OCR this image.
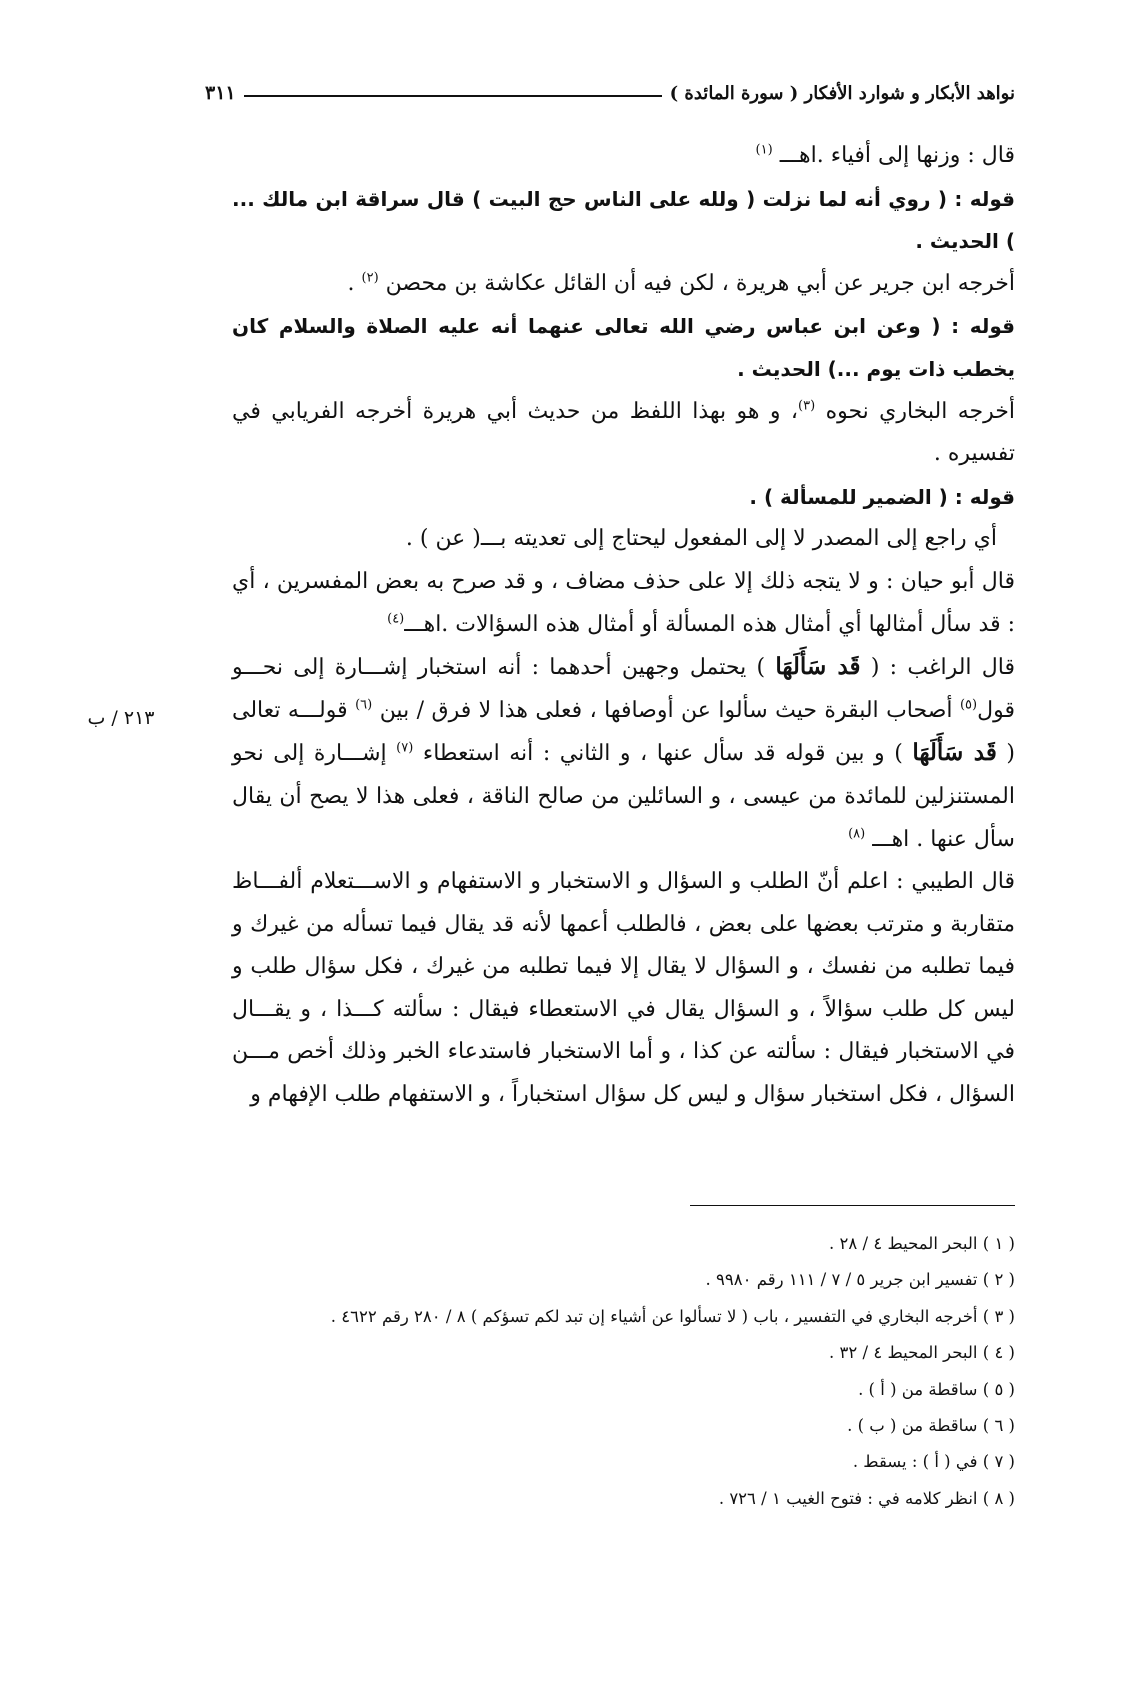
نواهد الأبكار و شوارد الأفكار ( سورة المائدة )
٣١١
٢١٣ / ب

قال : وزنها إلى أفياء .اهـــ $^{(١)}$

قوله : ( روي أنه لما نزلت ( ولله على الناس حج البيت ) قال سراقة ابن مالك ... ) الحديث .

أخرجه ابن جرير عن أبي هريرة ، لكن فيه أن القائل عكاشة بن محصن $^{(٢)}$ .

قوله : ( وعن ابن عباس رضي الله تعالى عنهما أنه عليه الصلاة والسلام كان يخطب ذات يوم ...) الحديث .

أخرجه البخاري نحوه $^{(٣)}$، و هو بهذا اللفظ من حديث أبي هريرة أخرجه الفريابي في تفسيره .

قوله : ( الضمير للمسألة ) .

أي راجع إلى المصدر لا إلى المفعول ليحتاج إلى تعديته بـــ( عن ) .

قال أبو حيان : و لا يتجه ذلك إلا على حذف مضاف ، و قد صرح به بعض المفسرين ، أي : قد سأل أمثالها أي أمثال هذه المسألة أو أمثال هذه السؤالات .اهـــ$^{(٤)}$

قال الراغب : ( قَد سَأَلَهَا ) يحتمل وجهين أحدهما : أنه استخبار إشـــارة إلى نحـــو قول$^{(٥)}$ أصحاب البقرة حيث سألوا عن أوصافها ، فعلى هذا لا فرق / بين $^{(٦)}$ قولـــه تعالى ( قَد سَأَلَهَا ) و بين قوله قد سأل عنها ، و الثاني : أنه استعطاء $^{(٧)}$ إشـــارة إلى نحو المستنزلين للمائدة من عيسى ، و السائلين من صالح الناقة ، فعلى هذا لا يصح أن يقال سأل عنها . اهـــ $^{(٨)}$

قال الطيبي : اعلم أنّ الطلب و السؤال و الاستخبار و الاستفهام و الاســـتعلام ألفـــاظ متقاربة و مترتب بعضها على بعض ، فالطلب أعمها لأنه قد يقال فيما تسأله من غيرك و فيما تطلبه من نفسك ، و السؤال لا يقال إلا فيما تطلبه من غيرك ، فكل سؤال طلب و ليس كل طلب سؤالاً ، و السؤال يقال في الاستعطاء فيقال : سألته كـــذا ، و يقـــال في الاستخبار فيقال : سألته عن كذا ، و أما الاستخبار فاستدعاء الخبر وذلك أخص مـــن السؤال ، فكل استخبار سؤال و ليس كل سؤال استخباراً ، و الاستفهام طلب الإفهام و

( ١ ) البحر المحيط ٤ / ٢٨ .

( ٢ ) تفسير ابن جرير ٥ / ٧ / ١١١ رقم ٩٩٨٠ .

( ٣ ) أخرجه البخاري في التفسير ، باب ( لا تسألوا عن أشياء إن تبد لكم تسؤكم ) ٨ / ٢٨٠ رقم ٤٦٢٢ .

( ٤ ) البحر المحيط ٤ / ٣٢ .

( ٥ ) ساقطة من ( أ ) .

( ٦ ) ساقطة من ( ب ) .

( ٧ ) في ( أ ) : يسقط .

( ٨ ) انظر كلامه في : فتوح الغيب ١ / ٧٢٦ .
